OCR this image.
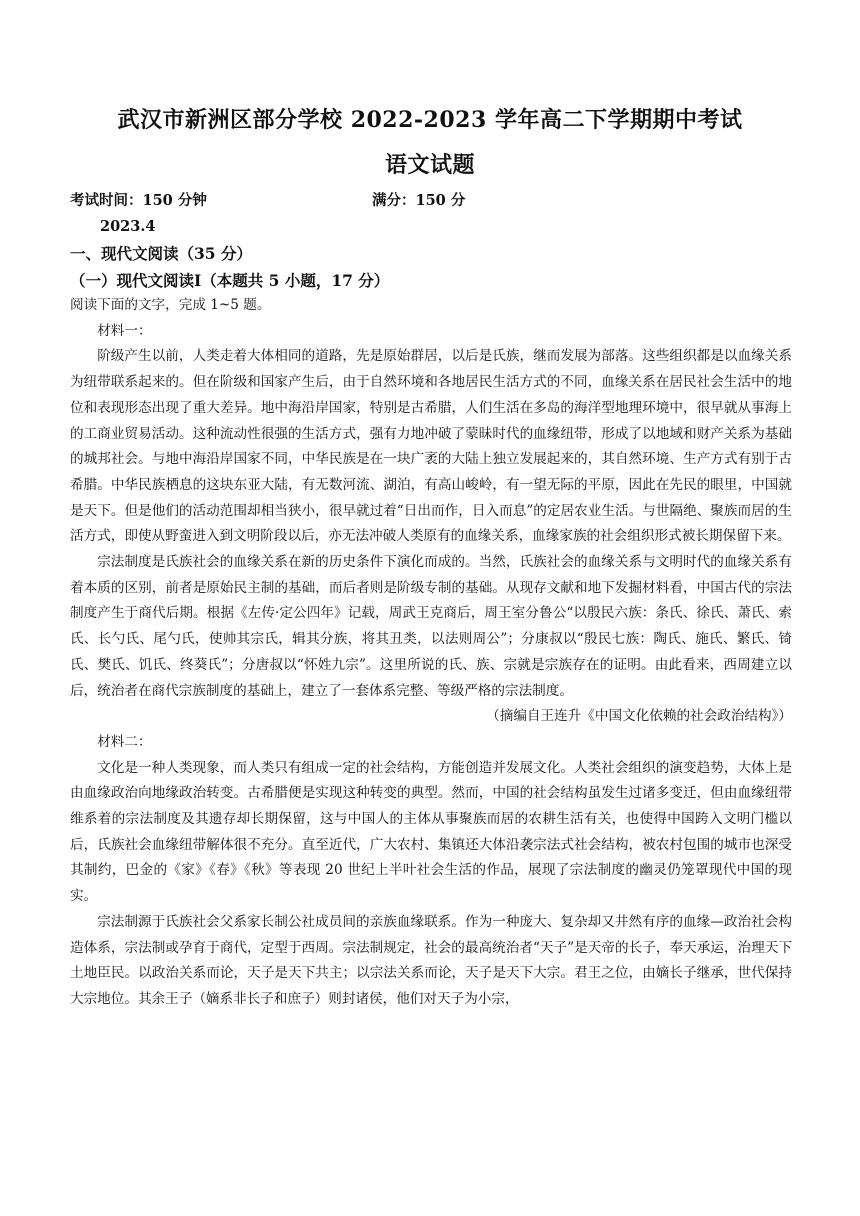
武汉市新洲区部分学校 2022-2023 学年高二下学期期中考试
语文试题
考试时间：150 分钟	满分：150 分
2023.4
一、现代文阅读（35 分）
（一）现代文阅读Ⅰ（本题共 5 小题，17 分）

阅读下面的文字，完成 1~5 题。

材料一：

阶级产生以前，人类走着大体相同的道路，先是原始群居，以后是氏族，继而发展为部落。这些组织都是以血缘关系为纽带联系起来的。但在阶级和国家产生后，由于自然环境和各地居民生活方式的不同，血缘关系在居民社会生活中的地位和表现形态出现了重大差异。地中海沿岸国家，特别是古希腊，人们生活在多岛的海洋型地理环境中，很早就从事海上的工商业贸易活动。这种流动性很强的生活方式，强有力地冲破了蒙昧时代的血缘纽带，形成了以地域和财产关系为基础的城邦社会。与地中海沿岸国家不同，中华民族是在一块广袤的大陆上独立发展起来的，其自然环境、生产方式有别于古希腊。中华民族栖息的这块东亚大陆，有无数河流、湖泊，有高山峻岭，有一望无际的平原，因此在先民的眼里，中国就是天下。但是他们的活动范围却相当狭小，很早就过着“日出而作，日入而息”的定居农业生活。与世隔绝、聚族而居的生活方式，即使从野蛮进入到文明阶段以后，亦无法冲破人类原有的血缘关系，血缘家族的社会组织形式被长期保留下来。

宗法制度是氏族社会的血缘关系在新的历史条件下演化而成的。当然，氏族社会的血缘关系与文明时代的血缘关系有着本质的区别，前者是原始民主制的基础，而后者则是阶级专制的基础。从现存文献和地下发掘材料看，中国古代的宗法制度产生于商代后期。根据《左传·定公四年》记载，周武王克商后，周王室分鲁公“以殷民六族：条氏、徐氏、萧氏、索氏、长勺氏、尾勺氏，使帅其宗氏，辑其分族，将其丑类，以法则周公”；分康叔以“殷民七族：陶氏、施氏、繁氏、锜氏、樊氏、饥氏、终葵氏”；分唐叔以“怀姓九宗”。这里所说的氏、族、宗就是宗族存在的证明。由此看来，西周建立以后，统治者在商代宗族制度的基础上，建立了一套体系完整、等级严格的宗法制度。

（摘编自王连升《中国文化依赖的社会政治结构》）

材料二：

文化是一种人类现象，而人类只有组成一定的社会结构，方能创造并发展文化。人类社会组织的演变趋势，大体上是由血缘政治向地缘政治转变。古希腊便是实现这种转变的典型。然而，中国的社会结构虽发生过诸多变迁，但由血缘纽带维系着的宗法制度及其遗存却长期保留，这与中国人的主体从事聚族而居的农耕生活有关，也使得中国跨入文明门槛以后，氏族社会血缘纽带解体很不充分。直至近代，广大农村、集镇还大体沿袭宗法式社会结构，被农村包围的城市也深受其制约，巴金的《家》《春》《秋》等表现 20 世纪上半叶社会生活的作品，展现了宗法制度的幽灵仍笼罩现代中国的现实。

宗法制源于氏族社会父系家长制公社成员间的亲族血缘联系。作为一种庞大、复杂却又井然有序的血缘—政治社会构造体系，宗法制或孕育于商代，定型于西周。宗法制规定，社会的最高统治者“天子”是天帝的长子，奉天承运，治理天下土地臣民。以政治关系而论，天子是天下共主；以宗法关系而论，天子是天下大宗。君王之位，由嫡长子继承，世代保持大宗地位。其余王子（嫡系非长子和庶子）则封诸侯，他们对天子为小宗，
